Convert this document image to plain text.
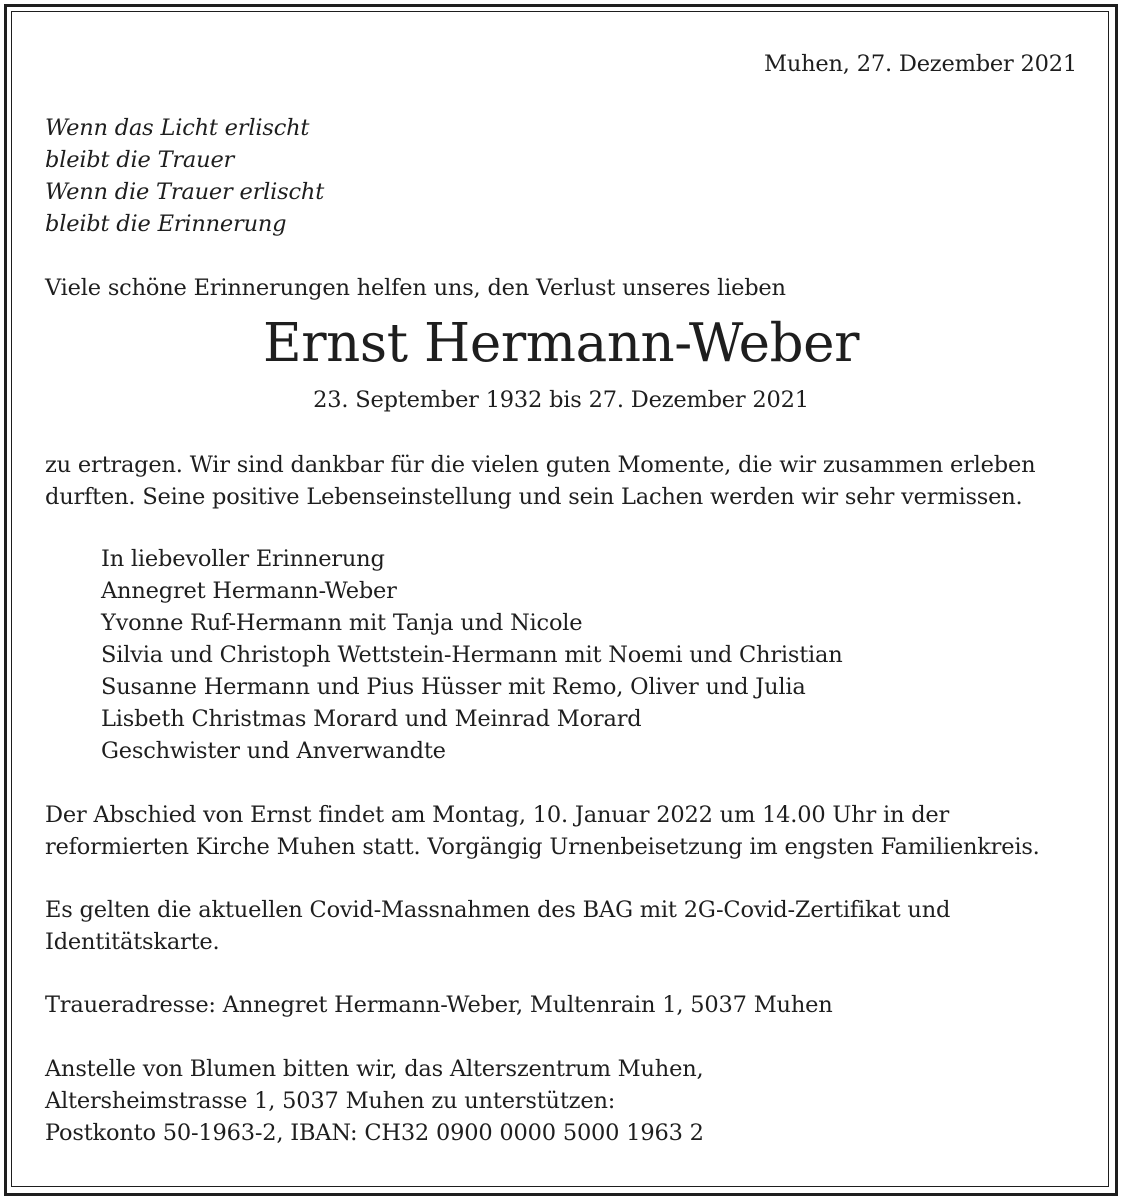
Muhen, 27. Dezember 2021
Wenn das Licht erlischt
bleibt die Trauer
Wenn die Trauer erlischt
bleibt die Erinnerung
Viele schöne Erinnerungen helfen uns, den Verlust unseres lieben
Ernst Hermann-Weber
23. September 1932 bis 27. Dezember 2021
zu ertragen. Wir sind dankbar für die vielen guten Momente, die wir zusammen erleben
durften. Seine positive Lebenseinstellung und sein Lachen werden wir sehr vermissen.
In liebevoller Erinnerung
Annegret Hermann-Weber
Yvonne Ruf-Hermann mit Tanja und Nicole
Silvia und Christoph Wettstein-Hermann mit Noemi und Christian
Susanne Hermann und Pius Hüsser mit Remo, Oliver und Julia
Lisbeth Christmas Morard und Meinrad Morard
Geschwister und Anverwandte
Der Abschied von Ernst findet am Montag, 10. Januar 2022 um 14.00 Uhr in der
reformierten Kirche Muhen statt. Vorgängig Urnenbeisetzung im engsten Familienkreis.
Es gelten die aktuellen Covid-Massnahmen des BAG mit 2G-Covid-Zertifikat und
Identitätskarte.
Traueradresse: Annegret Hermann-Weber, Multenrain 1, 5037 Muhen
Anstelle von Blumen bitten wir, das Alterszentrum Muhen,
Altersheimstrasse 1, 5037 Muhen zu unterstützen:
Postkonto 50-1963-2, IBAN: CH32 0900 0000 5000 1963 2
